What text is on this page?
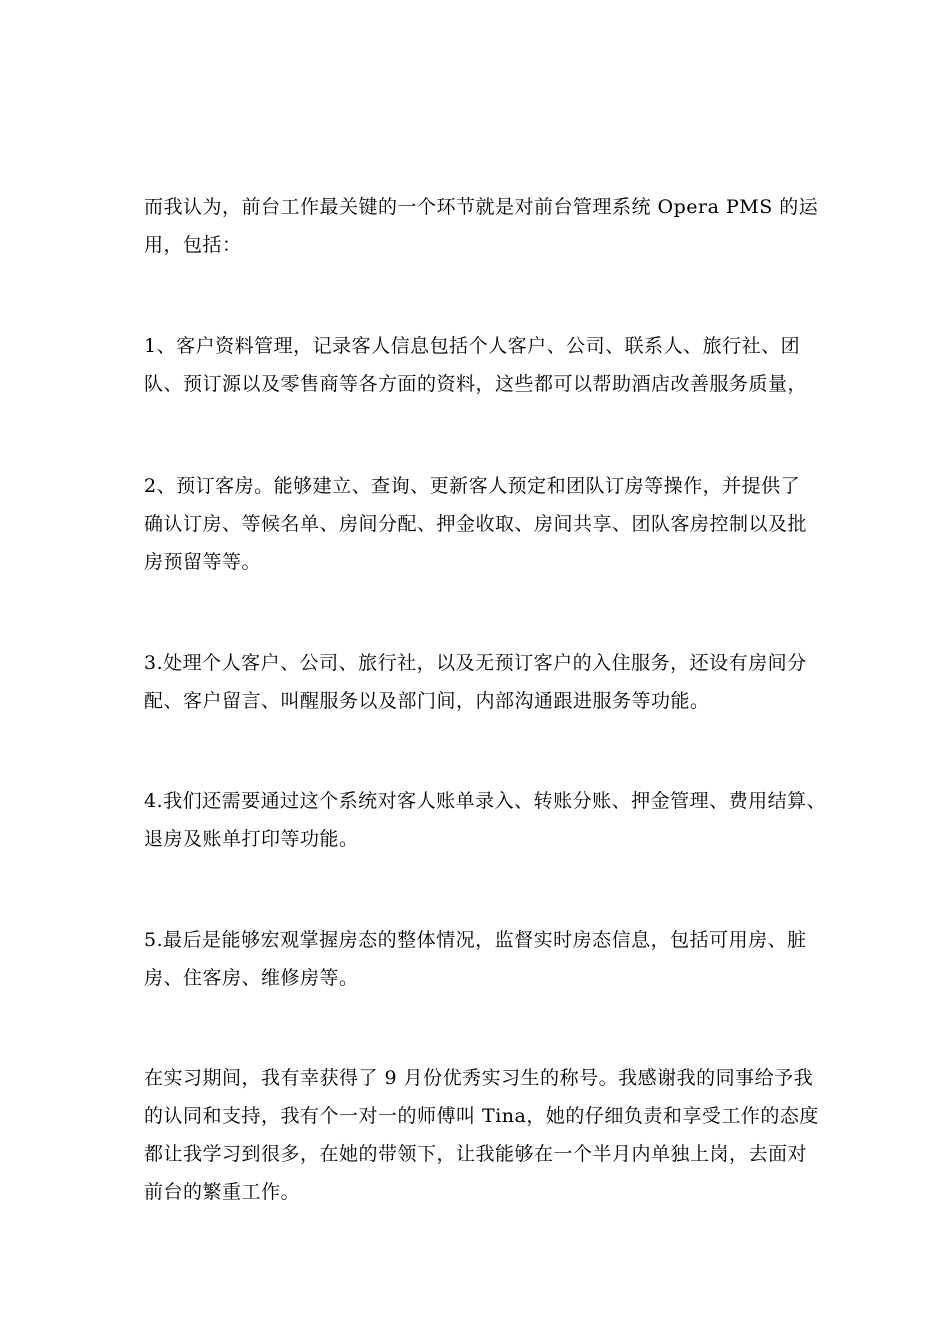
而我认为，前台工作最关键的一个环节就是对前台管理系统 Opera PMS 的运
用，包括：

1、客户资料管理，记录客人信息包括个人客户、公司、联系人、旅行社、团
队、预订源以及零售商等各方面的资料，这些都可以帮助酒店改善服务质量，

2、预订客房。能够建立、查询、更新客人预定和团队订房等操作，并提供了
确认订房、等候名单、房间分配、押金收取、房间共享、团队客房控制以及批
房预留等等。

3.处理个人客户、公司、旅行社，以及无预订客户的入住服务，还设有房间分
配、客户留言、叫醒服务以及部门间，内部沟通跟进服务等功能。

4.我们还需要通过这个系统对客人账单录入、转账分账、押金管理、费用结算、
退房及账单打印等功能。

5.最后是能够宏观掌握房态的整体情况，监督实时房态信息，包括可用房、脏
房、住客房、维修房等。

在实习期间，我有幸获得了 9 月份优秀实习生的称号。我感谢我的同事给予我
的认同和支持，我有个一对一的师傅叫 Tina，她的仔细负责和享受工作的态度
都让我学习到很多，在她的带领下，让我能够在一个半月内单独上岗，去面对
前台的繁重工作。
